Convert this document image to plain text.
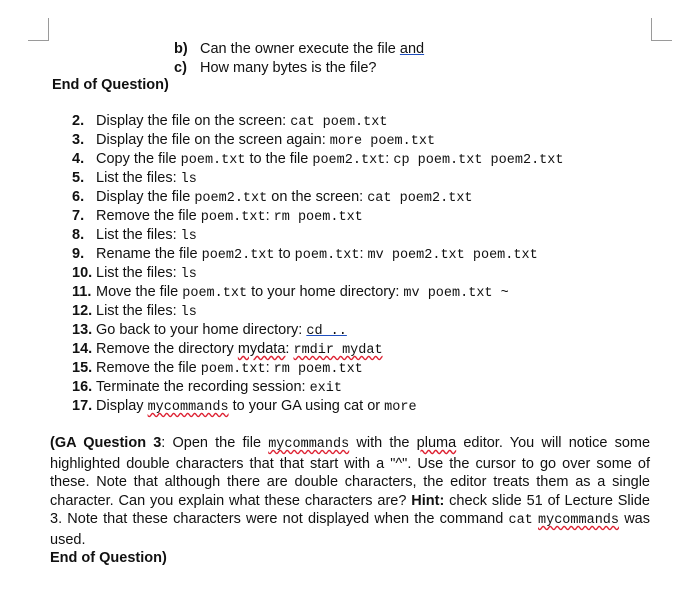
b) Can the owner execute the file and
c) How many bytes is the file?
End of Question)
2. Display the file on the screen: cat poem.txt
3. Display the file on the screen again: more poem.txt
4. Copy the file poem.txt to the file poem2.txt: cp poem.txt poem2.txt
5. List the files: ls
6. Display the file poem2.txt on the screen: cat poem2.txt
7. Remove the file poem.txt: rm poem.txt
8. List the files: ls
9. Rename the file poem2.txt to poem.txt: mv poem2.txt poem.txt
10. List the files: ls
11. Move the file poem.txt to your home directory: mv poem.txt ~
12. List the files: ls
13. Go back to your home directory: cd ..
14. Remove the directory mydata: rmdir mydat
15. Remove the file poem.txt: rm poem.txt
16. Terminate the recording session: exit
17. Display mycommands to your GA using cat or more
(GA Question 3: Open the file mycommands with the pluma editor. You will notice some highlighted double characters that that start with a "^". Use the cursor to go over some of these. Note that although there are double characters, the editor treats them as a single character. Can you explain what these characters are? Hint: check slide 51 of Lecture Slide 3. Note that these characters were not displayed when the command cat mycommands was used.
End of Question)
